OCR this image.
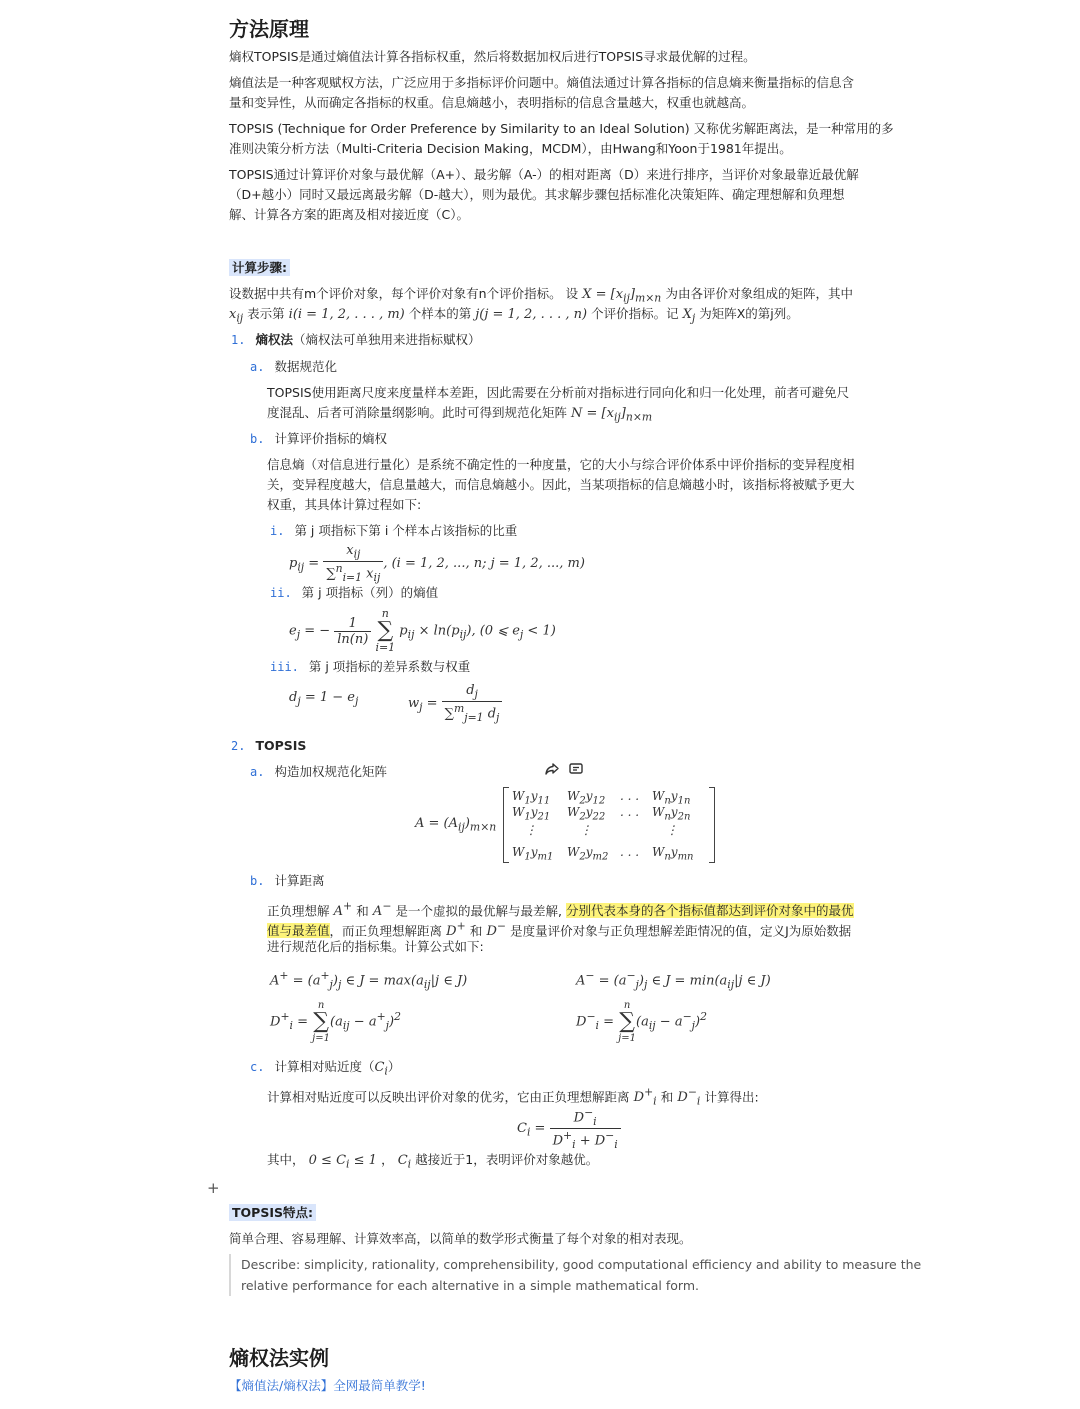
方法原理
熵权TOPSIS是通过熵值法计算各指标权重，然后将数据加权后进行TOPSIS寻求最优解的过程。
熵值法是一种客观赋权方法，广泛应用于多指标评价问题中。熵值法通过计算各指标的信息熵来衡量指标的信息含
量和变异性，从而确定各指标的权重。信息熵越小，表明指标的信息含量越大，权重也就越高。
TOPSIS (Technique for Order Preference by Similarity to an Ideal Solution) 又称优劣解距离法，是一种常用的多
准则决策分析方法（Multi-Criteria Decision Making，MCDM），由Hwang和Yoon于1981年提出。
TOPSIS通过计算评价对象与最优解（A+）、最劣解（A-）的相对距离（D）来进行排序，当评价对象最靠近最优解
（D+越小）同时又最远离最劣解（D-越大），则为最优。其求解步骤包括标准化决策矩阵、确定理想解和负理想
解、计算各方案的距离及相对接近度（C）。
计算步骤:
设数据中共有m个评价对象，每个评价对象有n个评价指标。 设 $X = [x_{ij}]_{m\times n}$ 为由各评价对象组成的矩阵，其中
$x_{ij}$ 表示第 i(i = 1, 2, . . . , m) 个样本的第 j(j = 1, 2, . . . , n) 个评价指标。记 $X_j$ 为矩阵X的第j列。
1. 熵权法（熵权法可单独用来进指标赋权）
a. 数据规范化
TOPSIS使用距离尺度来度量样本差距，因此需要在分析前对指标进行同向化和归一化处理，前者可避免尺
度混乱、后者可消除量纲影响。此时可得到规范化矩阵 $N = [x_{ij}]_{n\times m}$
b. 计算评价指标的熵权
信息熵（对信息进行量化）是系统不确定性的一种度量，它的大小与综合评价体系中评价指标的变异程度相
关，变异程度越大，信息量越大，而信息熵越小。因此，当某项指标的信息熵越小时，该指标将被赋予更大
权重，其具体计算过程如下:
i. 第 j 项指标下第 i 个样本占该指标的比重
$p_{ij} = \frac{x_{ij}}{\sum^n_{i=1} x_{ij}}$ , (i = 1, 2, ..., n; j = 1, 2, ..., m)
ii. 第 j 项指标（列）的熵值
$e_j$ = − $\frac{1}{\ln(n)}$
n
∑
i=1 $p_{ij} \times \ln(p_{ij})$, (0 ⩽ $e_j < 1$)
iii. 第 j 项指标的差异系数与权重
$d_j = 1 - e_j$	$w_j = \frac{d_j}{\sum^m_{j=1} d_j}$
2. TOPSIS
a. 构造加权规范化矩阵
$A = (A_{ij})_{m\times n}$
$W_1y_{11}$ $W_2y_{12}$ . . . $W_ny_{1n}$
$W_1y_{21}$ $W_2y_{22}$ . . . $W_ny_{2n}$
⋮	⋮	⋮
$W_1y_{m1}$ $W_2y_{m2}$ . . . $W_ny_{mn}$
b. 计算距离
正负理想解 A+ 和 A− 是一个虚拟的最优解与最差解, 分别代表本身的各个指标值都达到评价对象中的最优
值与最差值，而正负理想解距离 D+ 和 D− 是度量评价对象与正负理想解差距情况的值，定义J为原始数据
进行规范化后的指标集。计算公式如下:
$A^+ = (a^+_j)_j$ ∈ $J = \max(a_{ij}|j$ ∈ J)	$A^- = (a^-_j)_j$ ∈ $J = \min(a_{ij}|j$ ∈ J)
$D^+_i = n$
∑
$j=1(a_{ij} - a^+_j)^2$	$D^-_i = n$
∑
$j=1(a_{ij} - a^-_j)^2$
c. 计算相对贴近度$(C_i)$
计算相对贴近度可以反映出评价对象的优劣，它由正负理想解距离 $D^+_i$ 和 $D^-_i$ 计算得出:
$C_i = \frac{D^-_i}{D^+_i + D^-_i}$
其中， $0 \le C_i \le 1$ ， $C_i$ 越接近于1，表明评价对象越优。
+
TOPSIS特点:
简单合理、容易理解、计算效率高，以简单的数学形式衡量了每个对象的相对表现。
Describe: simplicity, rationality, comprehensibility, good computational efficiency and ability to measure the
relative performance for each alternative in a simple mathematical form.
熵权法实例
【熵值法/熵权法】全网最简单教学!
